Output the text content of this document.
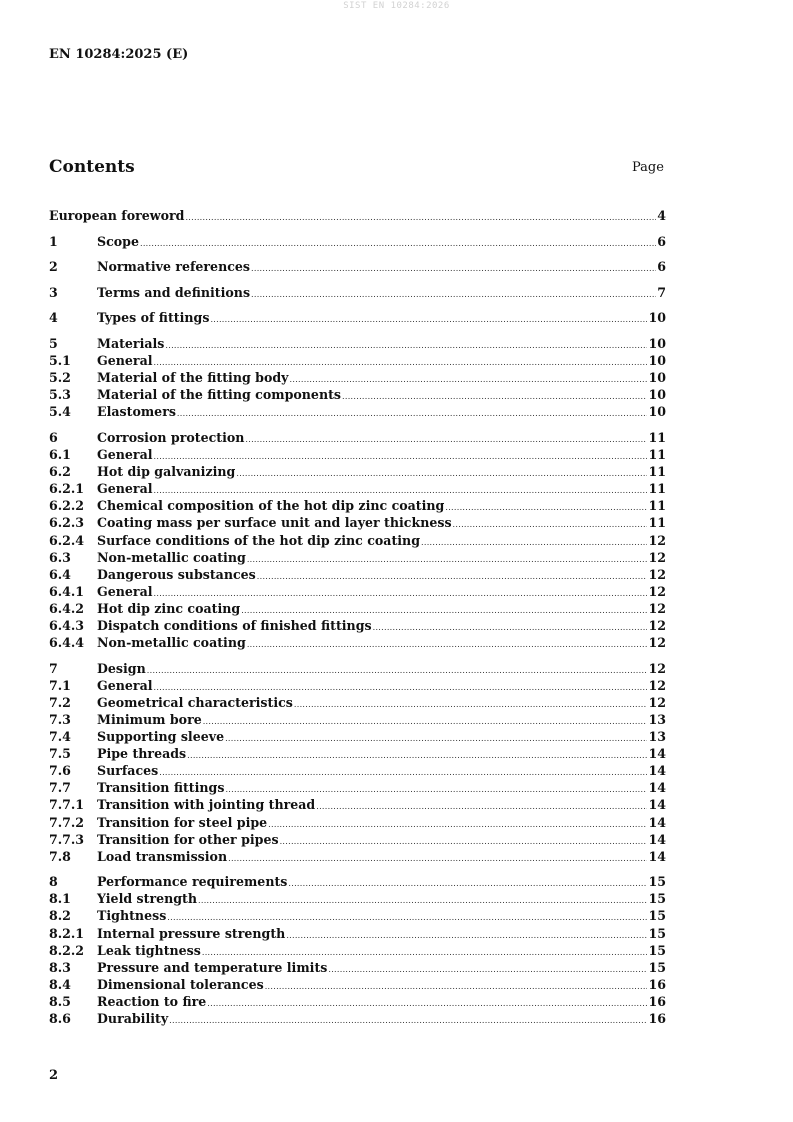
SIST EN 10284:2026
EN 10284:2025 (E)
Contents	Page
European foreword .....	4
1	Scope .....	6
2	Normative references .....	6
3	Terms and definitions .....	7
4	Types of fittings .....	10
5	Materials .....	10
5.1	General .....	10
5.2	Material of the fitting body .....	10
5.3	Material of the fitting components .....	10
5.4	Elastomers .....	10
6	Corrosion protection .....	11
6.1	General .....	11
6.2	Hot dip galvanizing .....	11
6.2.1	General .....	11
6.2.2	Chemical composition of the hot dip zinc coating .....	11
6.2.3	Coating mass per surface unit and layer thickness .....	11
6.2.4	Surface conditions of the hot dip zinc coating .....	12
6.3	Non-metallic coating .....	12
6.4	Dangerous substances .....	12
6.4.1	General .....	12
6.4.2	Hot dip zinc coating .....	12
6.4.3	Dispatch conditions of finished fittings .....	12
6.4.4	Non-metallic coating .....	12
7	Design .....	12
7.1	General .....	12
7.2	Geometrical characteristics .....	12
7.3	Minimum bore .....	13
7.4	Supporting sleeve .....	13
7.5	Pipe threads .....	14
7.6	Surfaces .....	14
7.7	Transition fittings .....	14
7.7.1	Transition with jointing thread .....	14
7.7.2	Transition for steel pipe .....	14
7.7.3	Transition for other pipes .....	14
7.8	Load transmission .....	14
8	Performance requirements .....	15
8.1	Yield strength .....	15
8.2	Tightness .....	15
8.2.1	Internal pressure strength .....	15
8.2.2	Leak tightness .....	15
8.3	Pressure and temperature limits .....	15
8.4	Dimensional tolerances .....	16
8.5	Reaction to fire .....	16
8.6	Durability .....	16
2
